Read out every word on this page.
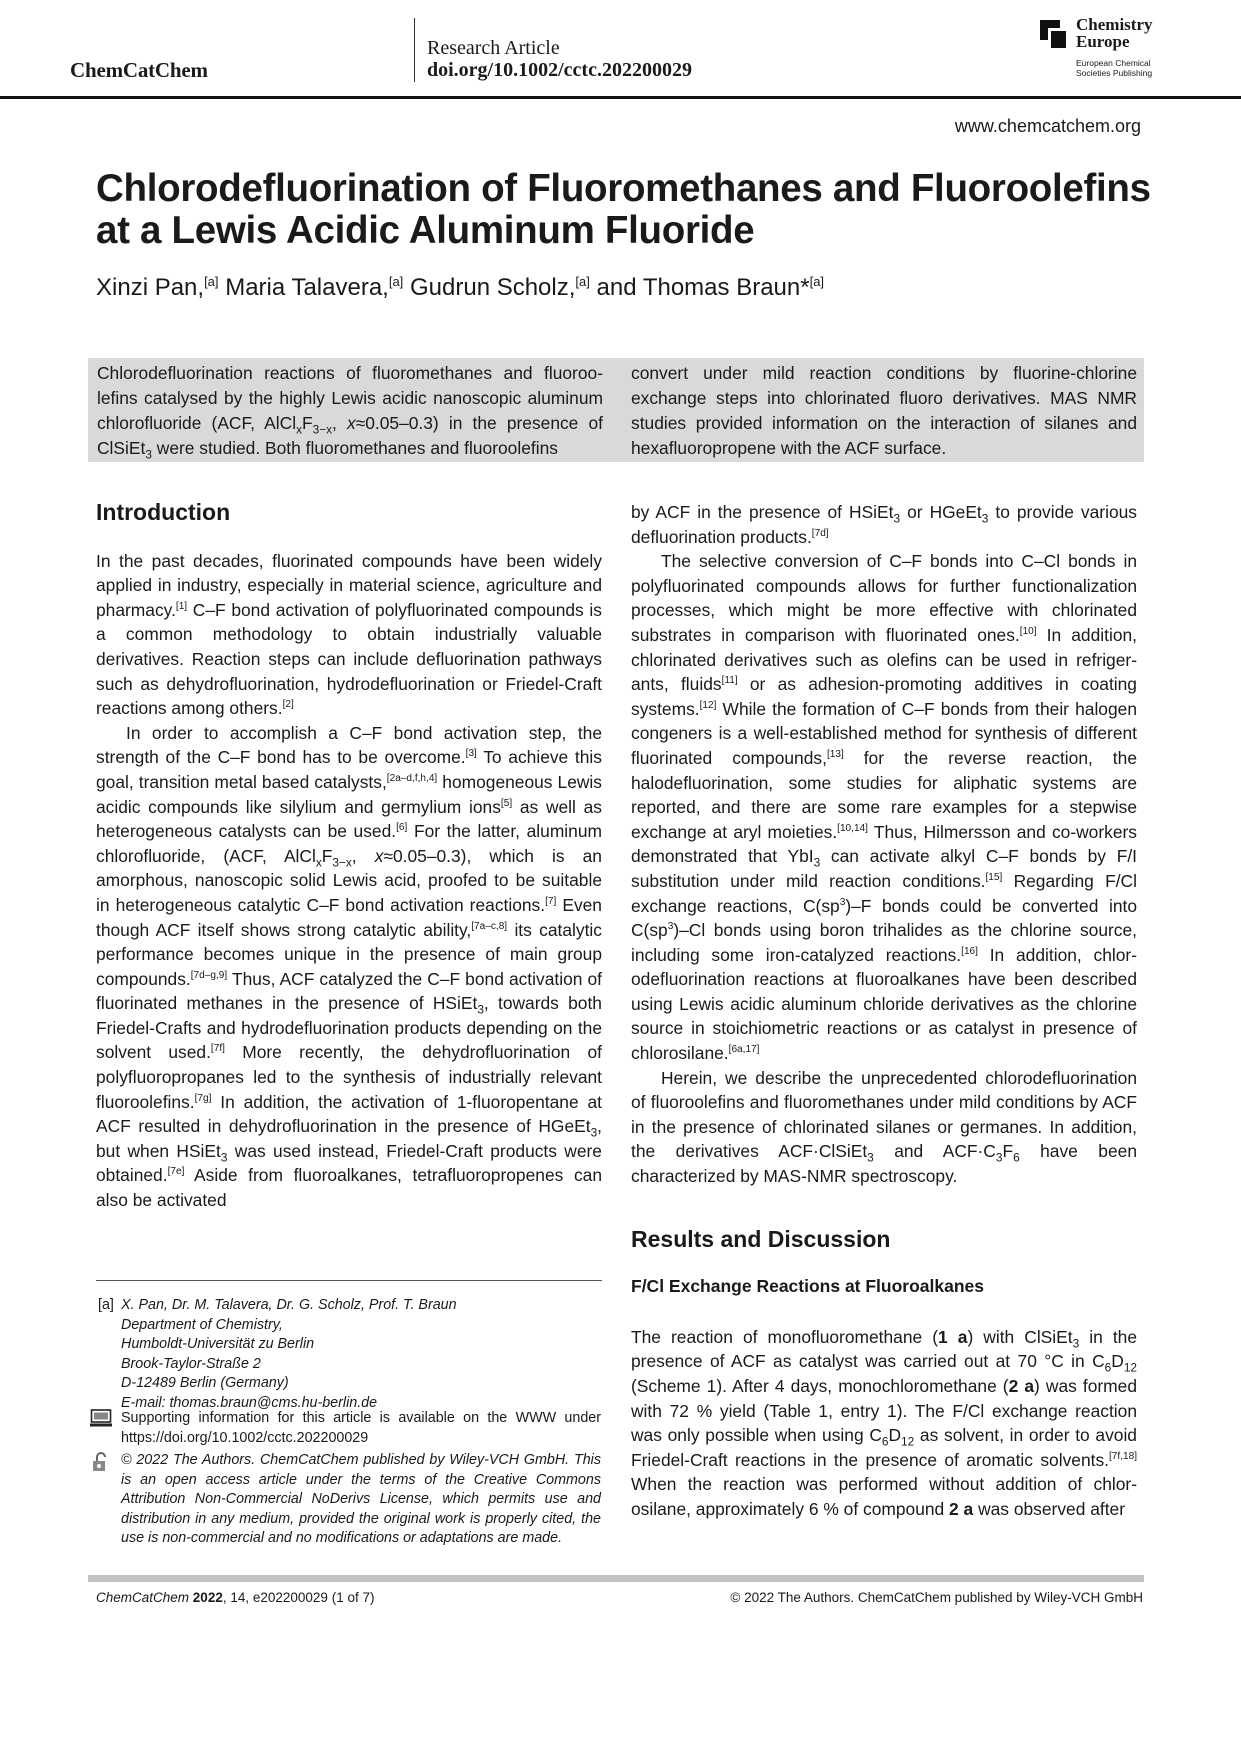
ChemCatChem
Research Article
doi.org/10.1002/cctc.202200029
Chemistry
Europe
European Chemical
Societies Publishing
www.chemcatchem.org
Chlorodefluorination of Fluoromethanes and Fluoroolefins
at a Lewis Acidic Aluminum Fluoride
Xinzi Pan,[a] Maria Talavera,[a] Gudrun Scholz,[a] and Thomas Braun*[a]
Chlorodefluorination reactions of fluoromethanes and fluoroolefins catalysed by the highly Lewis acidic nanoscopic aluminum chlorofluoride (ACF, $AlCl_xF_{3-x}$, x≈0.05–0.3) in the presence of ClSiEt$_3$ were studied. Both fluoromethanes and fluoroolefins
convert under mild reaction conditions by fluorine-chlorine exchange steps into chlorinated fluoro derivatives. MAS NMR studies provided information on the interaction of silanes and hexafluoropropene with the ACF surface.
Introduction

In the past decades, fluorinated compounds have been widely applied in industry, especially in material science, agriculture and pharmacy.[1] C–F bond activation of polyfluorinated compounds is a common methodology to obtain industrially valuable derivatives. Reaction steps can include defluorination pathways such as dehydrofluorination, hydrodefluorination or Friedel-Craft reactions among others.[2]

In order to accomplish a C–F bond activation step, the strength of the C–F bond has to be overcome.[3] To achieve this goal, transition metal based catalysts,[2a–d,f,h,4] homogeneous Lewis acidic compounds like silylium and germylium ions[5] as well as heterogeneous catalysts can be used.[6] For the latter, aluminum chlorofluoride, (ACF, $AlCl_xF_{3-x}$, x≈0.05–0.3), which is an amorphous, nanoscopic solid Lewis acid, proofed to be suitable in heterogeneous catalytic C–F bond activation reactions.[7] Even though ACF itself shows strong catalytic ability,[7a–c,8] its catalytic performance becomes unique in the presence of main group compounds.[7d–g,9] Thus, ACF catalyzed the C–F bond activation of fluorinated methanes in the presence of HSiEt$_3$, towards both Friedel-Crafts and hydrodefluorination products depending on the solvent used.[7f] More recently, the dehydrofluorination of polyfluoropropanes led to the synthesis of industrially relevant fluoroolefins.[7g] In addition, the activation of 1-fluoropentane at ACF resulted in dehydrofluorination in the presence of HGeEt$_3$, but when HSiEt$_3$ was used instead, Friedel-Craft products were obtained.[7e] Aside from fluoroalkanes, tetrafluoropropenes can also be activated

by ACF in the presence of HSiEt$_3$ or HGeEt$_3$ to provide various defluorination products.[7d]

The selective conversion of C–F bonds into C–Cl bonds in polyfluorinated compounds allows for further functionalization processes, which might be more effective with chlorinated substrates in comparison with fluorinated ones.[10] In addition, chlorinated derivatives such as olefins can be used in refrigerants, fluids[11] or as adhesion-promoting additives in coating systems.[12] While the formation of C–F bonds from their halogen congeners is a well-established method for synthesis of different fluorinated compounds,[13] for the reverse reaction, the halodefluorination, some studies for aliphatic systems are reported, and there are some rare examples for a stepwise exchange at aryl moieties.[10,14] Thus, Hilmersson and co-workers demonstrated that YbI$_3$ can activate alkyl C–F bonds by F/I substitution under mild reaction conditions.[15] Regarding F/Cl exchange reactions, $C(sp^3)-F$ bonds could be converted into $C(sp^3)-Cl$ bonds using boron trihalides as the chlorine source, including some iron-catalyzed reactions.[16] In addition, chlorodefluorination reactions at fluoroalkanes have been described using Lewis acidic aluminum chloride derivatives as the chlorine source in stoichiometric reactions or as catalyst in presence of chlorosilane.[6a,17]

Herein, we describe the unprecedented chlorodefluorination of fluoroolefins and fluoromethanes under mild conditions by ACF in the presence of chlorinated silanes or germanes. In addition, the derivatives ACF·ClSiEt$_3$ and $ACF\cdot C_3F_6$ have been characterized by MAS-NMR spectroscopy.

Results and Discussion
F/Cl Exchange Reactions at Fluoroalkanes

The reaction of monofluoromethane (1 a) with ClSiEt$_3$ in the presence of ACF as catalyst was carried out at 70 °C in $C_6D_{12}$ (Scheme 1). After 4 days, monochloromethane (2 a) was formed with 72 % yield (Table 1, entry 1). The F/Cl exchange reaction was only possible when using $C_6D_{12}$ as solvent, in order to avoid Friedel-Craft reactions in the presence of aromatic solvents.[7f,18] When the reaction was performed without addition of chlorosilane, approximately 6 % of compound 2 a was observed after

[a] X. Pan, Dr. M. Talavera, Dr. G. Scholz, Prof. T. Braun
Department of Chemistry,
Humboldt-Universität zu Berlin
Brook-Taylor-Straße 2
D-12489 Berlin (Germany)
E-mail: thomas.braun@cms.hu-berlin.de
Supporting information for this article is available on the WWW under https://doi.org/10.1002/cctc.202200029
© 2022 The Authors. ChemCatChem published by Wiley-VCH GmbH. This is an open access article under the terms of the Creative Commons Attribution Non-Commercial NoDerivs License, which permits use and distribution in any medium, provided the original work is properly cited, the use is non-commercial and no modifications or adaptations are made.
ChemCatChem 2022, 14, e202200029 (1 of 7)	© 2022 The Authors. ChemCatChem published by Wiley-VCH GmbH
